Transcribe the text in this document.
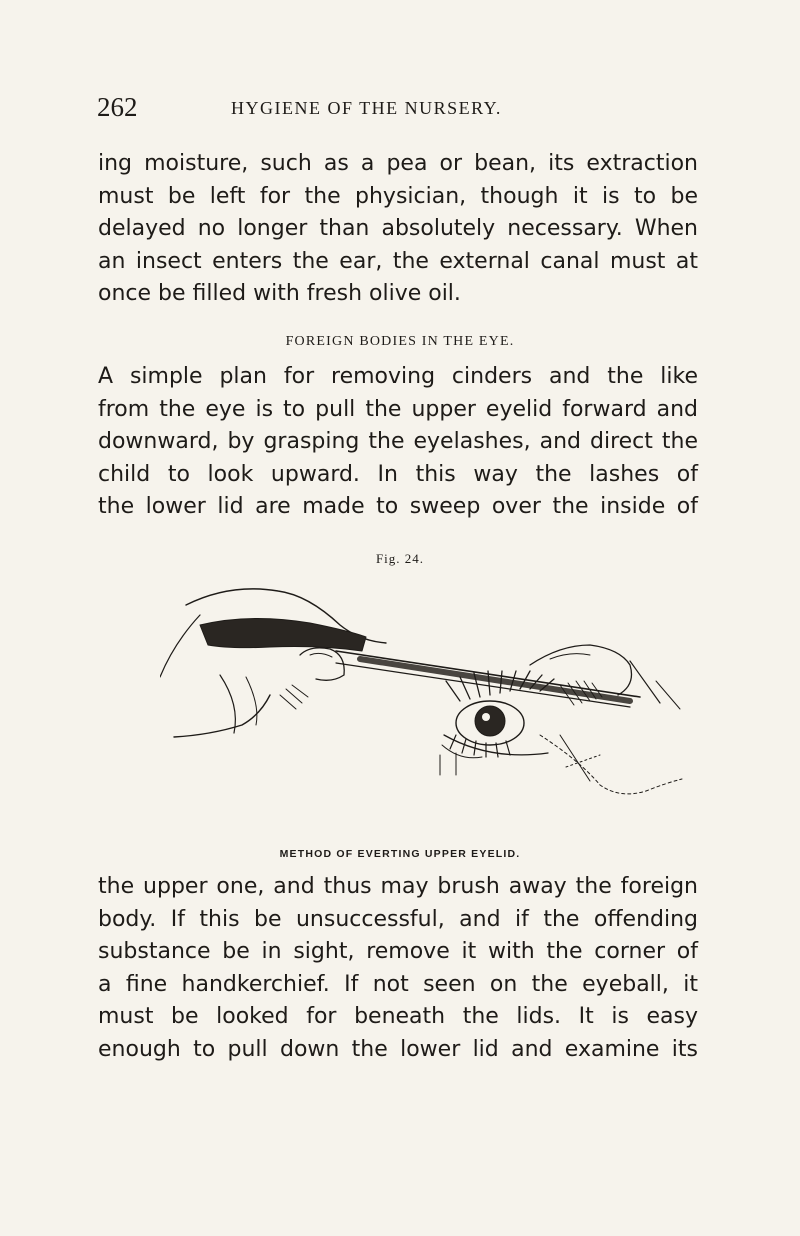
262	HYGIENE OF THE NURSERY.

ing moisture, such as a pea or bean, its extraction
must be left for the physician, though it is to be
delayed no longer than absolutely necessary. When
an insect enters the ear, the external canal must at
once be filled with fresh olive oil.

FOREIGN BODIES IN THE EYE.

A simple plan for removing cinders and the like
from the eye is to pull the upper eyelid forward and
downward, by grasping the eyelashes, and direct the
child to look upward. In this way the lashes of
the lower lid are made to sweep over the inside of

Fig. 24.
METHOD OF EVERTING UPPER EYELID.

the upper one, and thus may brush away the foreign
body. If this be unsuccessful, and if the offending
substance be in sight, remove it with the corner of
a fine handkerchief. If not seen on the eyeball, it
must be looked for beneath the lids. It is easy
enough to pull down the lower lid and examine its
